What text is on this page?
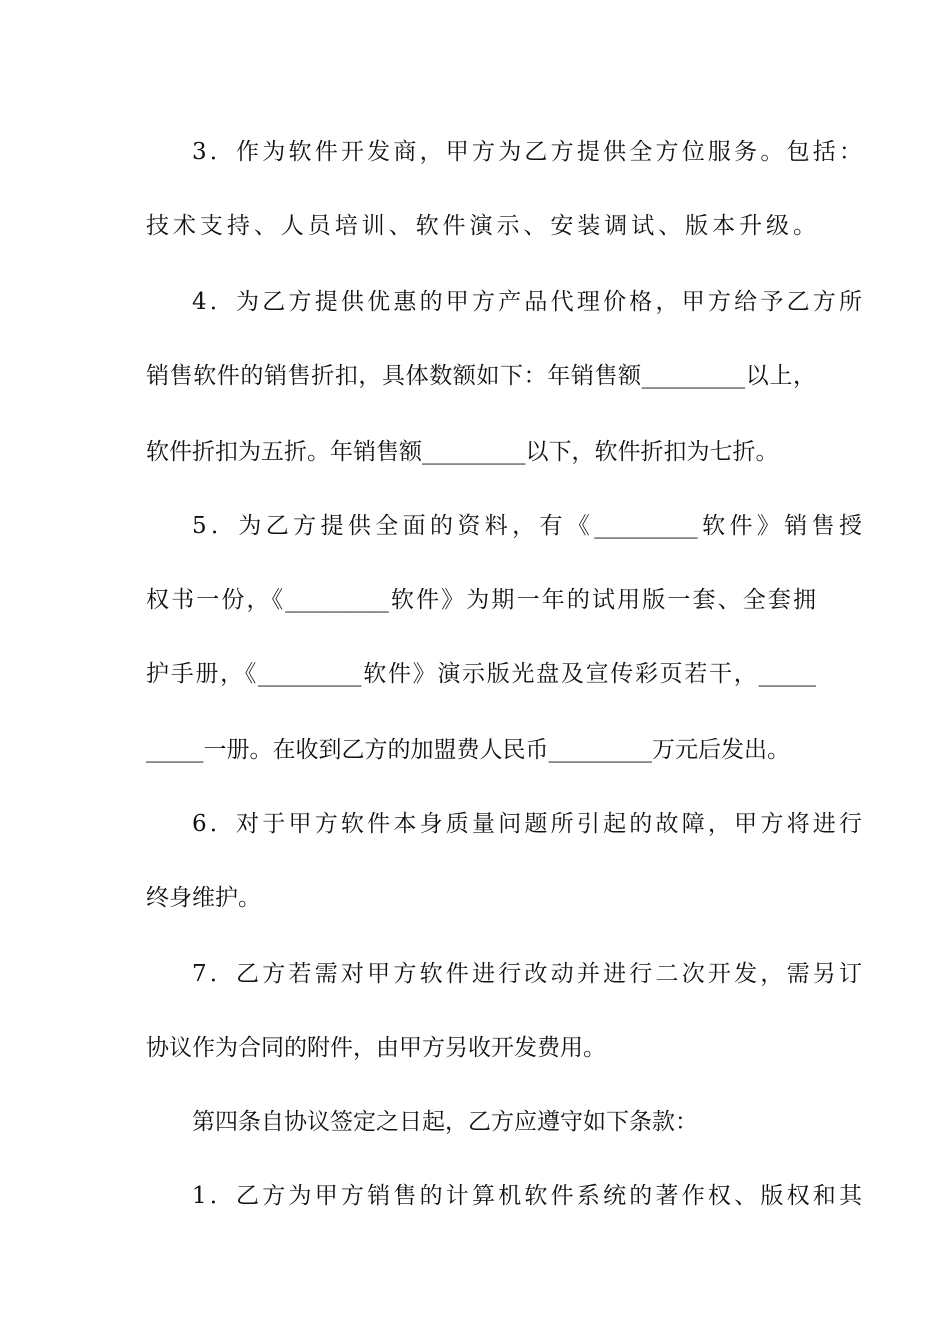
3．作为软件开发商，甲方为乙方提供全方位服务。包括：
技术支持、人员培训、软件演示、安装调试、版本升级。
4．为乙方提供优惠的甲方产品代理价格，甲方给予乙方所
销售软件的销售折扣，具体数额如下：年销售额_________以上，
软件折扣为五折。年销售额_________以下，软件折扣为七折。
5．为乙方提供全面的资料，有《_________软件》销售授
权书一份，《_________软件》为期一年的试用版一套、全套拥
护手册，《_________软件》演示版光盘及宣传彩页若干，_____
_____一册。在收到乙方的加盟费人民币_________万元后发出。
6．对于甲方软件本身质量问题所引起的故障，甲方将进行
终身维护。
7．乙方若需对甲方软件进行改动并进行二次开发，需另订
协议作为合同的附件，由甲方另收开发费用。
第四条自协议签定之日起，乙方应遵守如下条款：
1．乙方为甲方销售的计算机软件系统的著作权、版权和其
